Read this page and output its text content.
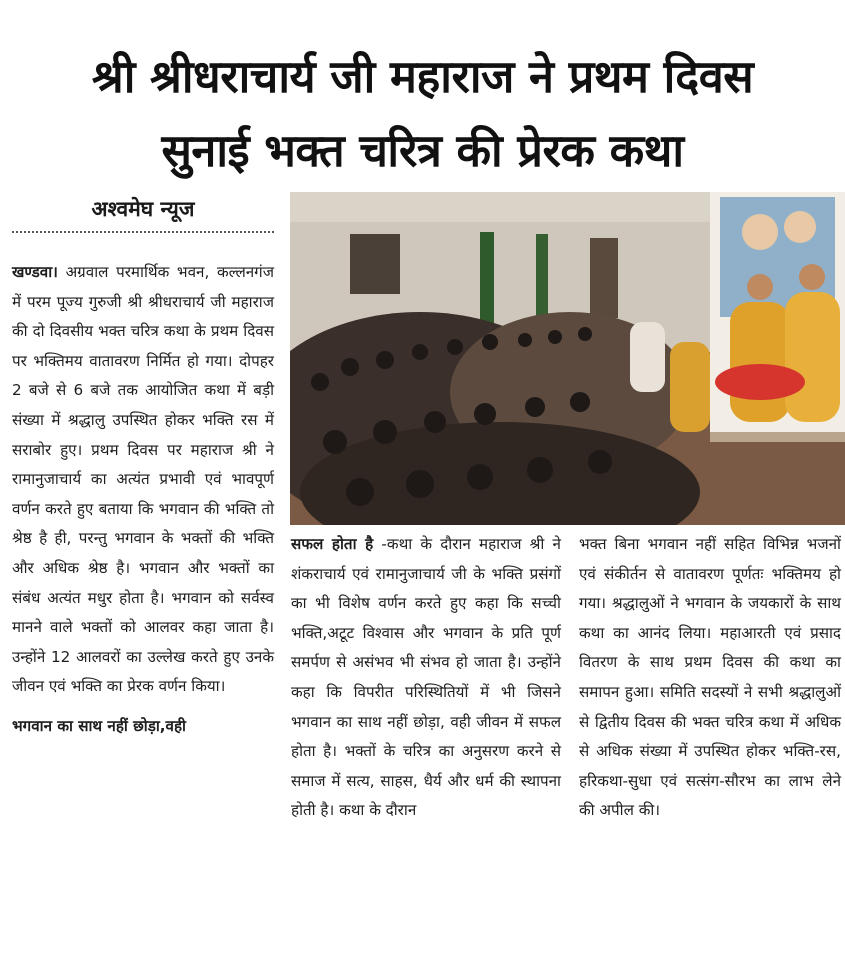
श्री श्रीधराचार्य जी महाराज ने प्रथम दिवस
सुनाई भक्त चरित्र की प्रेरक कथा
अश्वमेघ न्यूज

खण्डवा। अग्रवाल परमार्थिक भवन, कल्लनगंज में परम पूज्य गुरुजी श्री श्रीधराचार्य जी महाराज की दो दिवसीय भक्त चरित्र कथा के प्रथम दिवस पर भक्तिमय वातावरण निर्मित हो गया। दोपहर 2 बजे से 6 बजे तक आयोजित कथा में बड़ी संख्या में श्रद्धालु उपस्थित होकर भक्ति रस में सराबोर हुए। प्रथम दिवस पर महाराज श्री ने रामानुजाचार्य का अत्यंत प्रभावी एवं भावपूर्ण वर्णन करते हुए बताया कि भगवान की भक्ति तो श्रेष्ठ है ही, परन्तु भगवान के भक्तों की भक्ति और अधिक श्रेष्ठ है। भगवान और भक्तों का संबंध अत्यंत मधुर होता है। भगवान को सर्वस्व मानने वाले भक्तों को आलवर कहा जाता है। उन्होंने 12 आलवरों का उल्लेख करते हुए उनके जीवन एवं भक्ति का प्रेरक वर्णन किया।

भगवान का साथ नहीं छोड़ा,वही

सफल होता है -कथा के दौरान महाराज श्री ने शंकराचार्य एवं रामानुजाचार्य जी के भक्ति प्रसंगों का भी विशेष वर्णन करते हुए कहा कि सच्ची भक्ति,अटूट विश्वास और भगवान के प्रति पूर्ण समर्पण से असंभव भी संभव हो जाता है। उन्होंने कहा कि विपरीत परिस्थितियों में भी जिसने भगवान का साथ नहीं छोड़ा, वही जीवन में सफल होता है। भक्तों के चरित्र का अनुसरण करने से समाज में सत्य, साहस, धैर्य और धर्म की स्थापना होती है। कथा के दौरान

भक्त बिना भगवान नहीं सहित विभिन्न भजनों एवं संकीर्तन से वातावरण पूर्णतः भक्तिमय हो गया। श्रद्धालुओं ने भगवान के जयकारों के साथ कथा का आनंद लिया। महाआरती एवं प्रसाद वितरण के साथ प्रथम दिवस की कथा का समापन हुआ। समिति सदस्यों ने सभी श्रद्धालुओं से द्वितीय दिवस की भक्त चरित्र कथा में अधिक से अधिक संख्या में उपस्थित होकर भक्ति-रस, हरिकथा-सुधा एवं सत्संग-सौरभ का लाभ लेने की अपील की।
